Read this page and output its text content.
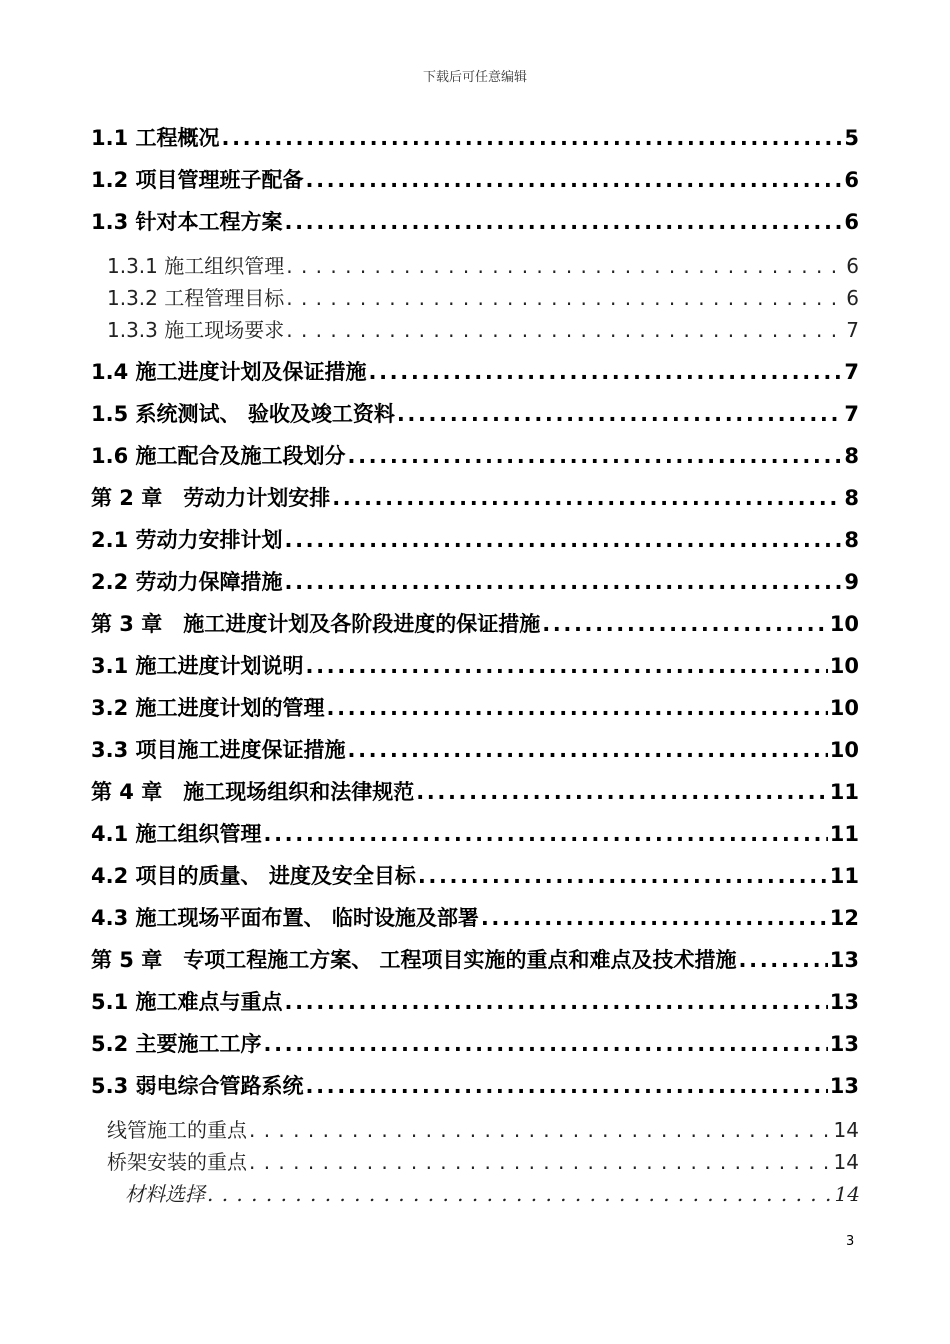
下载后可任意编辑
1.1 工程概况 .....	5
1.2 项目管理班子配备 .....	6
1.3 针对本工程方案 .....	6
1.3.1 施工组织管理 . . .	6
1.3.2 工程管理目标 . . .	6
1.3.3 施工现场要求 . . .	7
1.4 施工进度计划及保证措施 .....	7
1.5 系统测试、 验收及竣工资料 .....	7
1.6 施工配合及施工段划分 .....	8
第 2 章　劳动力计划安排 .....	8
2.1 劳动力安排计划 .....	8
2.2 劳动力保障措施 .....	9
第 3 章　施工进度计划及各阶段进度的保证措施 .....	10
3.1 施工进度计划说明 .....	10
3.2 施工进度计划的管理 .....	10
3.3 项目施工进度保证措施 .....	10
第 4 章　施工现场组织和法律规范 .....	11
4.1 施工组织管理 .....	11
4.2 项目的质量、 进度及安全目标 .....	11
4.3 施工现场平面布置、 临时设施及部署 .....	12
第 5 章　专项工程施工方案、 工程项目实施的重点和难点及技术措施 .....	13
5.1 施工难点与重点 .....	13
5.2 主要施工工序 .....	13
5.3 弱电综合管路系统 .....	13
线管施工的重点 . . .	14
桥架安装的重点 . . .	14
材料选择 . . .	14
3
